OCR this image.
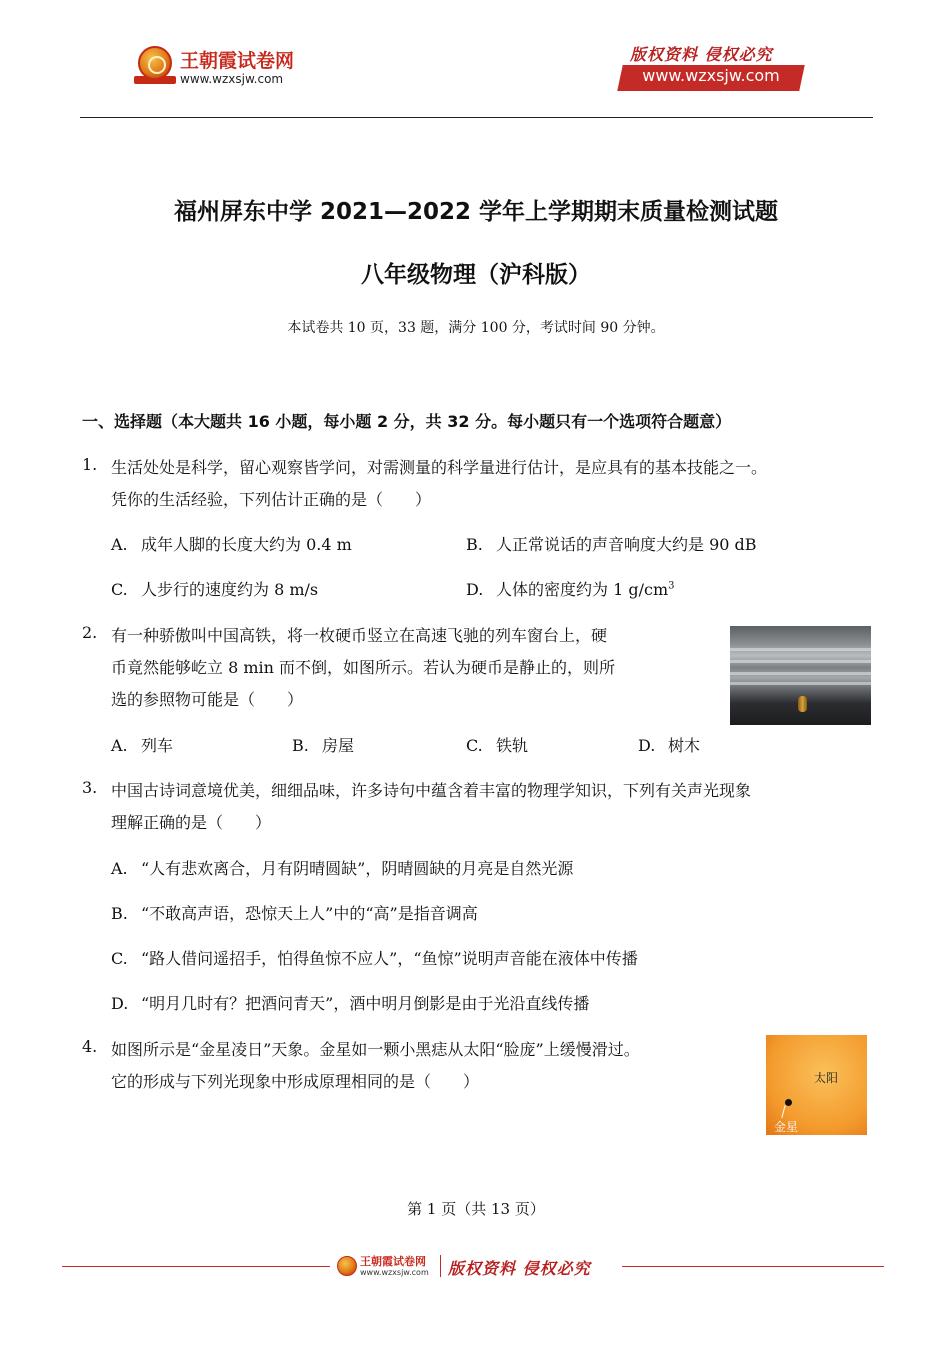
王朝霞试卷网
www.wzxsjw.com
版权资料 侵权必究
www.wzxsjw.com
福州屏东中学 2021—2022 学年上学期期末质量检测试题
八年级物理（沪科版）
本试卷共 10 页，33 题，满分 100 分，考试时间 90 分钟。
一、选择题（本大题共 16 小题，每小题 2 分，共 32 分。每小题只有一个选项符合题意）
1. 生活处处是科学，留心观察皆学问，对需测量的科学量进行估计，是应具有的基本技能之一。
凭你的生活经验，下列估计正确的是（　　）
A. 成年人脚的长度大约为 0.4 m	B. 人正常说话的声音响度大约是 90 dB
C. 人步行的速度约为 8 m/s	D. 人体的密度约为 1 $g/cm^3$
2. 有一种骄傲叫中国高铁，将一枚硬币竖立在高速飞驰的列车窗台上，硬
币竟然能够屹立 8 min 而不倒，如图所示。若认为硬币是静止的，则所
选的参照物可能是（　　）
A. 列车	B. 房屋	C. 铁轨	D. 树木
3. 中国古诗词意境优美，细细品味，许多诗句中蕴含着丰富的物理学知识，下列有关声光现象
理解正确的是（　　）
A. “人有悲欢离合，月有阴晴圆缺”，阴晴圆缺的月亮是自然光源
B. “不敢高声语，恐惊天上人”中的“高”是指音调高
C. “路人借问遥招手，怕得鱼惊不应人”，“鱼惊”说明声音能在液体中传播
D. “明月几时有？把酒问青天”，酒中明月倒影是由于光沿直线传播
4. 如图所示是“金星凌日”天象。金星如一颗小黑痣从太阳“脸庞”上缓慢滑过。
它的形成与下列光现象中形成原理相同的是（　　）	太阳
金星
第 1 页（共 13 页）
王朝霞试卷网
www.wzxsjw.com 版权资料 侵权必究
